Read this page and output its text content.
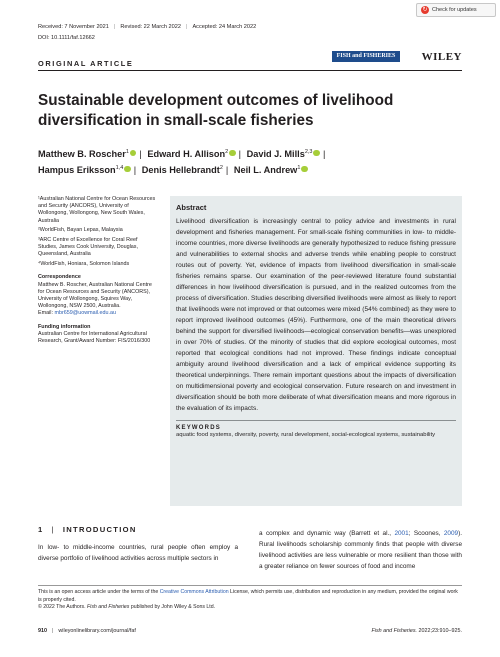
↻ Check for updates
Received: 7 November 2021 | Revised: 22 March 2022 | Accepted: 24 March 2022
DOI: 10.1111/faf.12662
FISH and FISHERIES	WILEY
ORIGINAL ARTICLE
Sustainable development outcomes of livelihood diversification in small-scale fisheries
Matthew B. Roscher$^1$ | Edward H. Allison$^2$ | David J. Mills$^{2,3}$ |
Hampus Eriksson$^{1,4}$ | Denis Hellebrandt$^2$ | Neil L. Andrew$^1$

¹Australian National Centre for Ocean Resources and Security (ANCORS), University of Wollongong, Wollongong, New South Wales, Australia

²WorldFish, Bayan Lepas, Malaysia

³ARC Centre of Excellence for Coral Reef Studies, James Cook University, Douglas, Queensland, Australia

⁴WorldFish, Honiara, Solomon Islands

Correspondence

Matthew B. Roscher, Australian National Centre for Ocean Resources and Security (ANCORS), University of Wollongong, Squires Way, Wollongong, NSW 2500, Australia.

Email: mbr659@uowmail.edu.au

Funding information

Australian Centre for International Agricultural Research, Grant/Award Number: FIS/2016/300

Abstract

Livelihood diversification is increasingly central to policy advice and investments in rural development and fisheries management. For small-scale fishing communities in low- to middle-income countries, more diverse livelihoods are generally hypothesized to reduce fishing pressure and vulnerabilities to external shocks and adverse trends while enabling people to construct routes out of poverty. Yet, evidence of impacts from livelihood diversification in small-scale fisheries remains sparse. Our examination of the peer-reviewed literature found substantial differences in how livelihood diversification is pursued, and in the realized outcomes from the process of diversification. Studies describing diversified livelihoods were almost as likely to report that livelihoods were not improved or that outcomes were mixed (54% combined) as they were to report improved livelihood outcomes (45%). Furthermore, one of the main theoretical drivers behind the support for diversified livelihoods—ecological conservation benefits—was unexplored in over 70% of studies. Of the minority of studies that did explore ecological outcomes, most reported that ecological conditions had not improved. These findings indicate conceptual ambiguity around livelihood diversification and a lack of empirical evidence supporting its theoretical underpinnings. There remain important questions about the impacts of diversification on multidimensional poverty and ecological conservation. Future research on and investment in diversification should be both more deliberate of what diversification means and more rigorous in the evaluation of its impacts.

KEYWORDS

aquatic food systems, diversity, poverty, rural development, social-ecological systems, sustainability

1 | INTRODUCTION

In low- to middle-income countries, rural people often employ a diverse portfolio of livelihood activities across multiple sectors in

a complex and dynamic way (Barrett et al., 2001; Scoones, 2009). Rural livelihoods scholarship commonly finds that people with diverse livelihood activities are less vulnerable or more resilient than those with a greater reliance on fewer sources of food and income

This is an open access article under the terms of the Creative Commons Attribution License, which permits use, distribution and reproduction in any medium, provided the original work is properly cited.

© 2022 The Authors. Fish and Fisheries published by John Wiley & Sons Ltd.

910 | wileyonlinelibrary.com/journal/faf	Fish and Fisheries. 2022;23:910–925.
